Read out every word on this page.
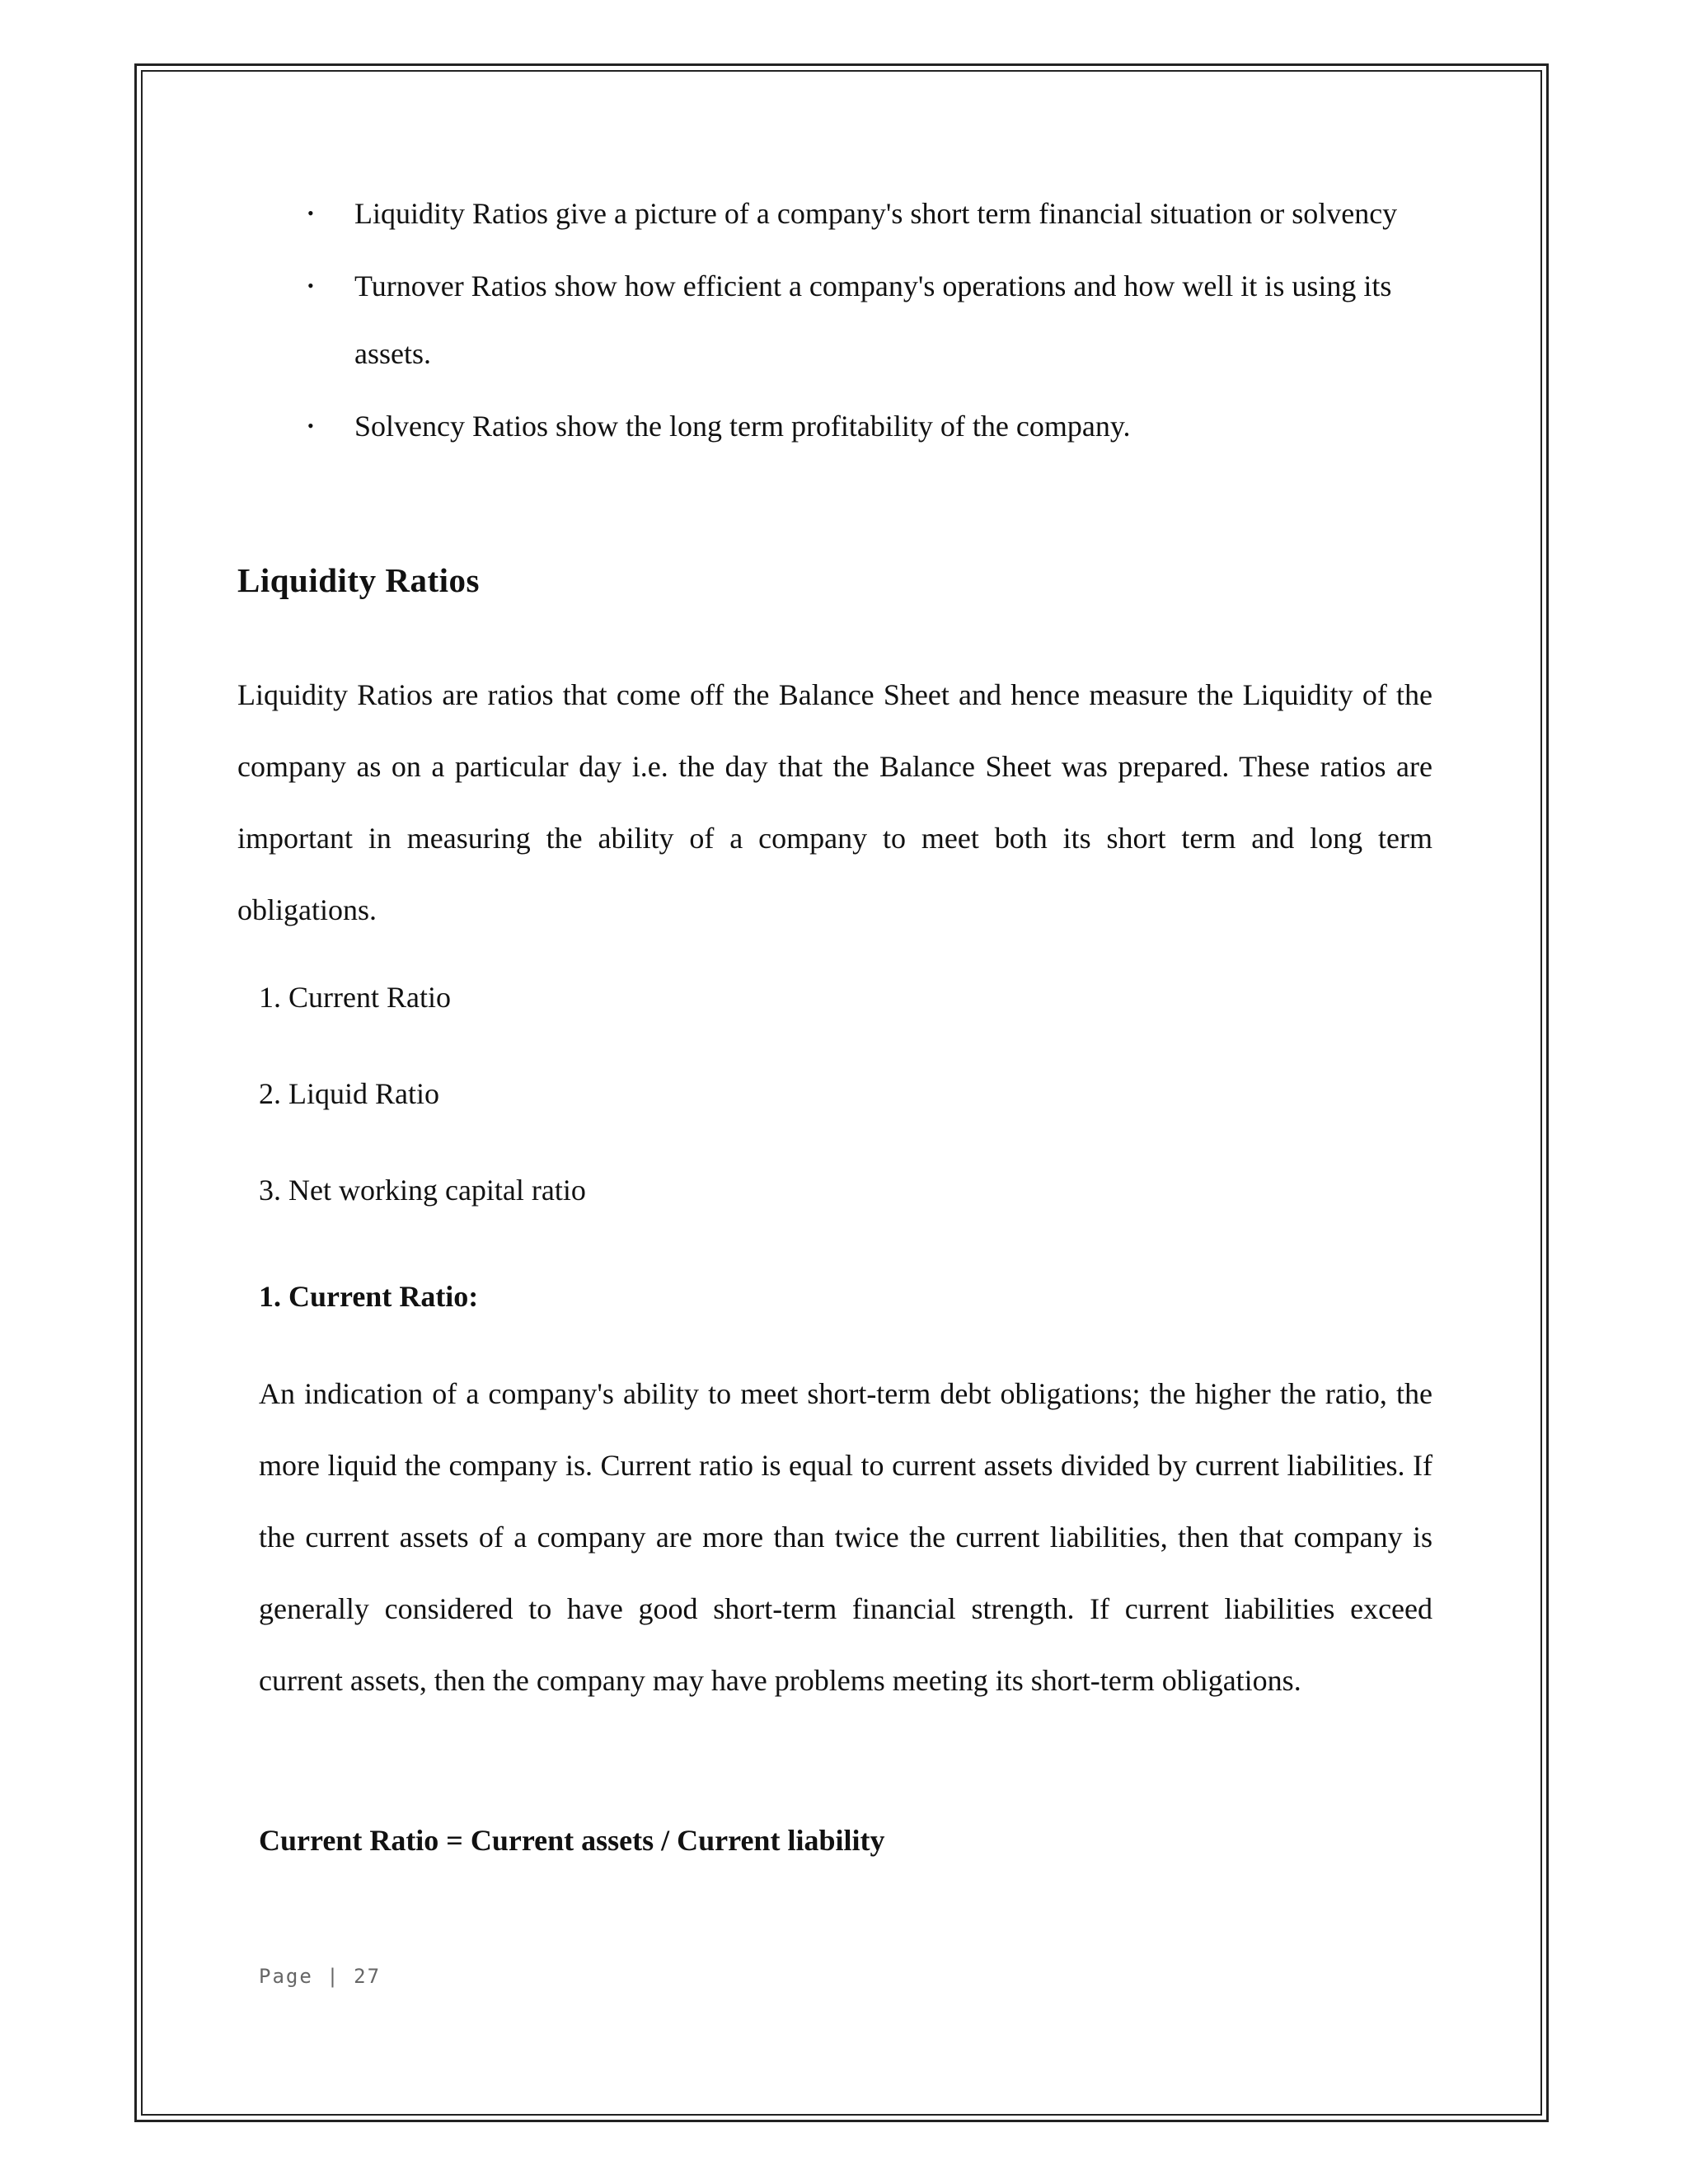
• Liquidity Ratios give a picture of a company's short term financial situation or solvency
• Turnover Ratios show how efficient a company's operations and how well it is using its assets.
• Solvency Ratios show the long term profitability of the company.
Liquidity Ratios

Liquidity Ratios are ratios that come off the Balance Sheet and hence measure the Liquidity of the company as on a particular day i.e. the day that the Balance Sheet was prepared. These ratios are important in measuring the ability of a company to meet both its short term and long term obligations.

1. Current Ratio
2. Liquid Ratio
3. Net working capital ratio
1. Current Ratio:

An indication of a company's ability to meet short-term debt obligations; the higher the ratio, the more liquid the company is. Current ratio is equal to current assets divided by current liabilities. If the current assets of a company are more than twice the current liabilities, then that company is generally considered to have good short-term financial strength. If current liabilities exceed current assets, then the company may have problems meeting its short-term obligations.

Current Ratio = Current assets / Current liability

Page | 27
